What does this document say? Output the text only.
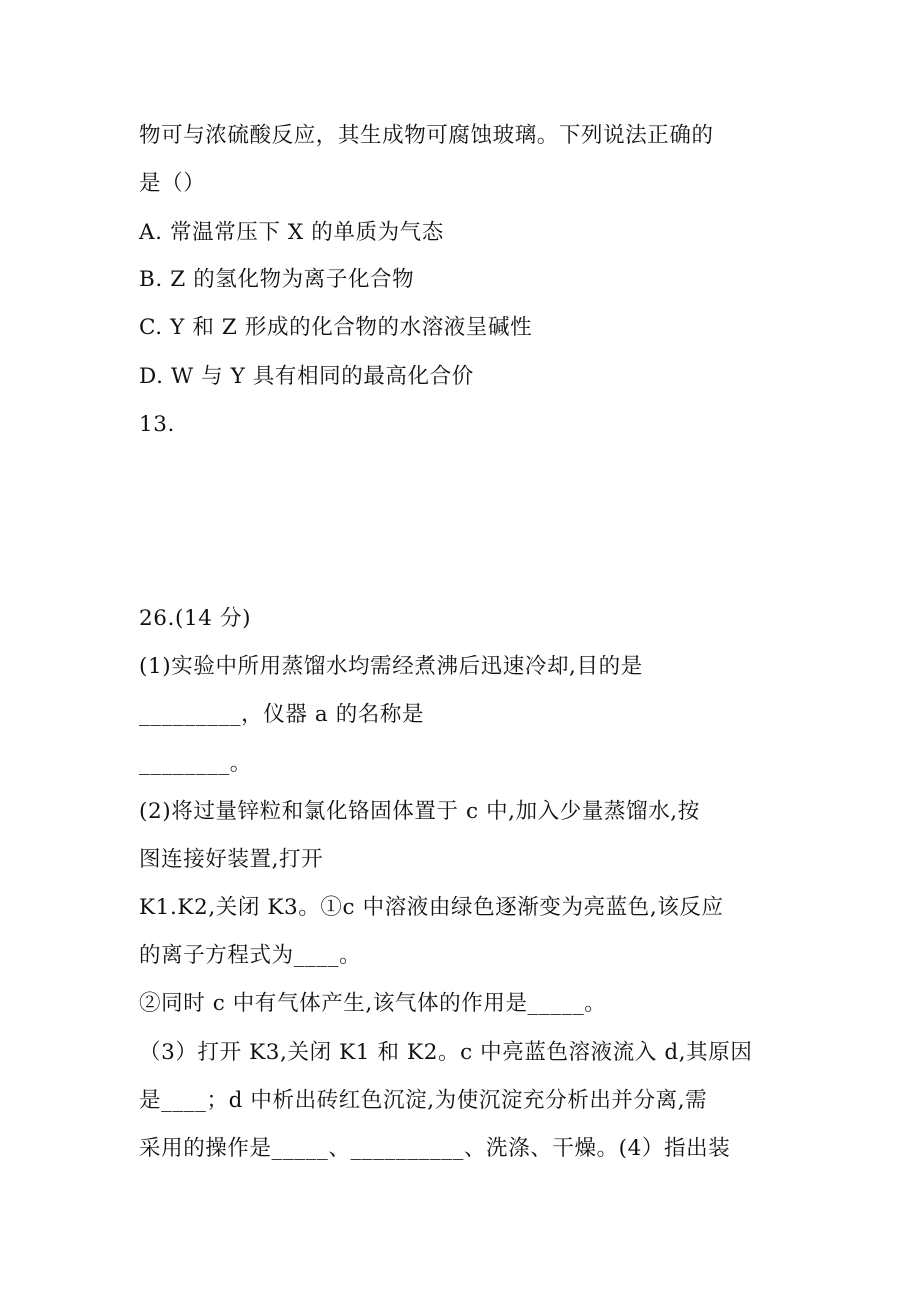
物可与浓硫酸反应，其生成物可腐蚀玻璃。下列说法正确的
是（）
A. 常温常压下 X 的单质为气态
B. Z 的氢化物为离子化合物
C. Y 和 Z 形成的化合物的水溶液呈碱性
D. W 与 Y 具有相同的最高化合价
13.
26.(14 分)
(1)实验中所用蒸馏水均需经煮沸后迅速冷却,目的是
_________，仪器 a 的名称是
________。
(2)将过量锌粒和氯化铬固体置于 c 中,加入少量蒸馏水,按
图连接好装置,打开
K1.K2,关闭 K3。①c 中溶液由绿色逐渐变为亮蓝色,该反应
的离子方程式为____。
②同时 c 中有气体产生,该气体的作用是_____。
（3）打开 K3,关闭 K1 和 K2。c 中亮蓝色溶液流入 d,其原因
是____；d 中析出砖红色沉淀,为使沉淀充分析出并分离,需
采用的操作是_____、__________、洗涤、干燥。(4）指出装
